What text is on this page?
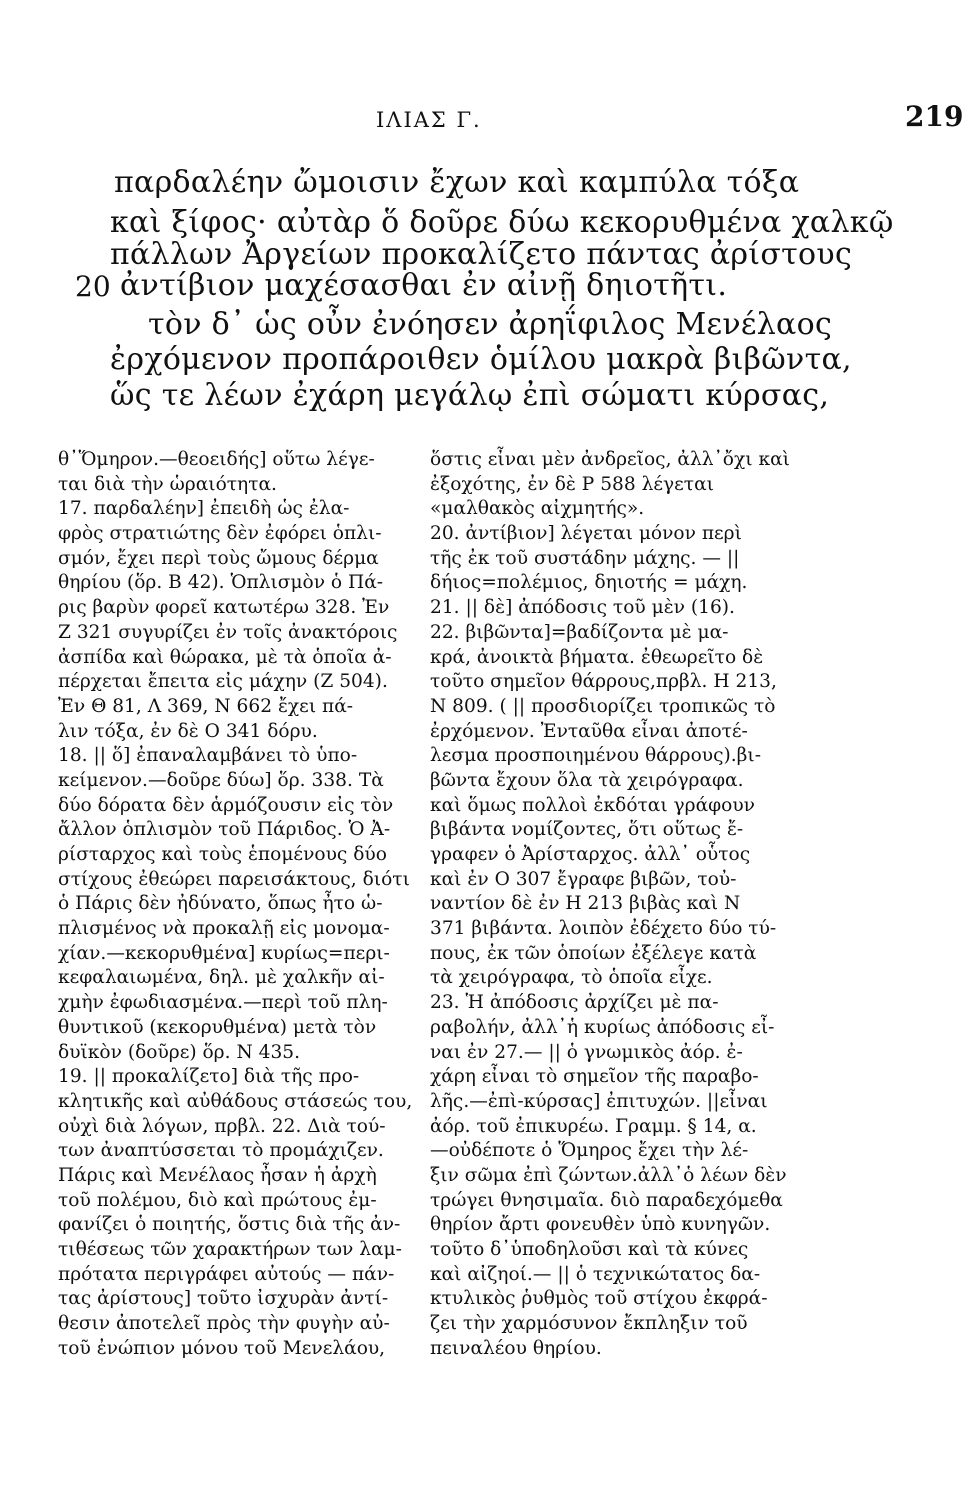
ΙΛΙΑΣ Γ.	219
παρδαλέην ὤμοισιν ἔχων καὶ καμπύλα τόξα
καὶ ξίφος· αὐτὰρ ὅ δοῦρε δύω κεκορυθμένα χαλκῷ
πάλλων Ἀργείων προκαλίζετο πάντας ἀρίστους
20 ἀντίβιον μαχέσασθαι ἐν αἰνῇ δηιοτῆτι.
τὸν δ᾽ ὡς οὖν ἐνόησεν ἀρηΐφιλος Μενέλαος
ἐρχόμενον προπάροιθεν ὁμίλου μακρὰ βιβῶντα,
ὥς τε λέων ἐχάρη μεγάλῳ ἐπὶ σώματι κύρσας,
θ᾽Ὅμηρον.—θεοειδής] οὕτω λέγε-
ται διὰ τὴν ὡραιότητα.
17. παρδαλέην] ἐπειδὴ ὡς ἐλα-
φρὸς στρατιώτης δὲν ἐφόρει ὁπλι-
σμόν, ἔχει περὶ τοὺς ὤμους δέρμα
θηρίου (ὅρ. Β 42). Ὁπλισμὸν ὁ Πά-
ρις βαρὺν φορεῖ κατωτέρω 328. Ἐν
Ζ 321 συγυρίζει ἐν τοῖς ἀνακτόροις
ἀσπίδα καὶ θώρακα, μὲ τὰ ὁποῖα ἀ-
πέρχεται ἔπειτα εἰς μάχην (Ζ 504).
Ἐν Θ 81, Λ 369, Ν 662 ἔχει πά-
λιν τόξα, ἐν δὲ Ο 341 δόρυ.
18. || ὅ] ἐπαναλαμβάνει τὸ ὑπο-
κείμενον.—δοῦρε δύω] ὅρ. 338. Τὰ
δύο δόρατα δὲν ἁρμόζουσιν εἰς τὸν
ἄλλον ὁπλισμὸν τοῦ Πάριδος. Ὁ Ἀ-
ρίσταρχος καὶ τοὺς ἑπομένους δύο
στίχους ἐθεώρει παρεισάκτους, διότι
ὁ Πάρις δὲν ἠδύνατο, ὅπως ἦτο ὡ-
πλισμένος νὰ προκαλῇ εἰς μονομα-
χίαν.—κεκορυθμένα] κυρίως=περι-
κεφαλαιωμένα, δηλ. μὲ χαλκῆν αἰ-
χμὴν ἐφωδιασμένα.—περὶ τοῦ πλη-
θυντικοῦ (κεκορυθμένα) μετὰ τὸν
δυϊκὸν (δοῦρε) ὅρ. Ν 435.
19. || προκαλίζετο] διὰ τῆς προ-
κλητικῆς καὶ αὐθάδους στάσεώς του,
οὐχὶ διὰ λόγων, πρβλ. 22. Διὰ τού-
των ἀναπτύσσεται τὸ προμάχιζεν.
Πάρις καὶ Μενέλαος ἦσαν ἡ ἀρχὴ
τοῦ πολέμου, διὸ καὶ πρώτους ἐμ-
φανίζει ὁ ποιητής, ὅστις διὰ τῆς ἀν-
τιθέσεως τῶν χαρακτήρων των λαμ-
πρότατα περιγράφει αὐτούς — πάν-
τας ἀρίστους] τοῦτο ἰσχυρὰν ἀντί-
θεσιν ἀποτελεῖ πρὸς τὴν φυγὴν αὐ-
τοῦ ἐνώπιον μόνου τοῦ Μενελάου,
ὅστις εἶναι μὲν ἀνδρεῖος, ἀλλ᾽ὄχι καὶ
ἐξοχότης, ἐν δὲ Ρ 588 λέγεται
«μαλθακὸς αἰχμητής».
20. ἀντίβιον] λέγεται μόνον περὶ
τῆς ἐκ τοῦ συστάδην μάχης. — ||
δήιος=πολέμιος, δηιοτής = μάχη.
21. || δὲ] ἀπόδοσις τοῦ μὲν (16).
22. βιβῶντα]=βαδίζοντα μὲ μα-
κρά, ἀνοικτὰ βήματα. ἐθεωρεῖτο δὲ
τοῦτο σημεῖον θάρρους,πρβλ. Η 213,
Ν 809. ( || προσδιορίζει τροπικῶς τὸ
ἐρχόμενον. Ἐνταῦθα εἶναι ἀποτέ-
λεσμα προσποιημένου θάρρους).βι-
βῶντα ἔχουν ὅλα τὰ χειρόγραφα.
καὶ ὅμως πολλοὶ ἐκδόται γράφουν
βιβάντα νομίζοντες, ὅτι οὕτως ἔ-
γραφεν ὁ Ἀρίσταρχος. ἀλλ᾽ οὗτος
καὶ ἐν Ο 307 ἔγραφε βιβῶν, τοὐ-
ναντίον δὲ ἐν Η 213 βιβὰς καὶ Ν
371 βιβάντα. λοιπὸν ἐδέχετο δύο τύ-
πους, ἐκ τῶν ὁποίων ἐξέλεγε κατὰ
τὰ χειρόγραφα, τὸ ὁποῖα εἶχε.
23. Ἡ ἀπόδοσις ἀρχίζει μὲ πα-
ραβολήν, ἀλλ᾽ἡ κυρίως ἀπόδοσις εἶ-
ναι ἐν 27.— || ὁ γνωμικὸς ἀόρ. ἐ-
χάρη εἶναι τὸ σημεῖον τῆς παραβο-
λῆς.—ἐπὶ-κύρσας] ἐπιτυχών. ||εἶναι
ἀόρ. τοῦ ἐπικυρέω. Γραμμ. § 14, α.
—οὐδέποτε ὁ Ὅμηρος ἔχει τὴν λέ-
ξιν σῶμα ἐπὶ ζώντων.ἀλλ᾽ὁ λέων δὲν
τρώγει θνησιμαῖα. διὸ παραδεχόμεθα
θηρίον ἄρτι φονευθὲν ὑπὸ κυνηγῶν.
τοῦτο δ᾽ὑποδηλοῦσι καὶ τὰ κύνες
καὶ αἰζηοί.— || ὁ τεχνικώτατος δα-
κτυλικὸς ῥυθμὸς τοῦ στίχου ἐκφρά-
ζει τὴν χαρμόσυνον ἔκπληξιν τοῦ
πειναλέου θηρίου.
